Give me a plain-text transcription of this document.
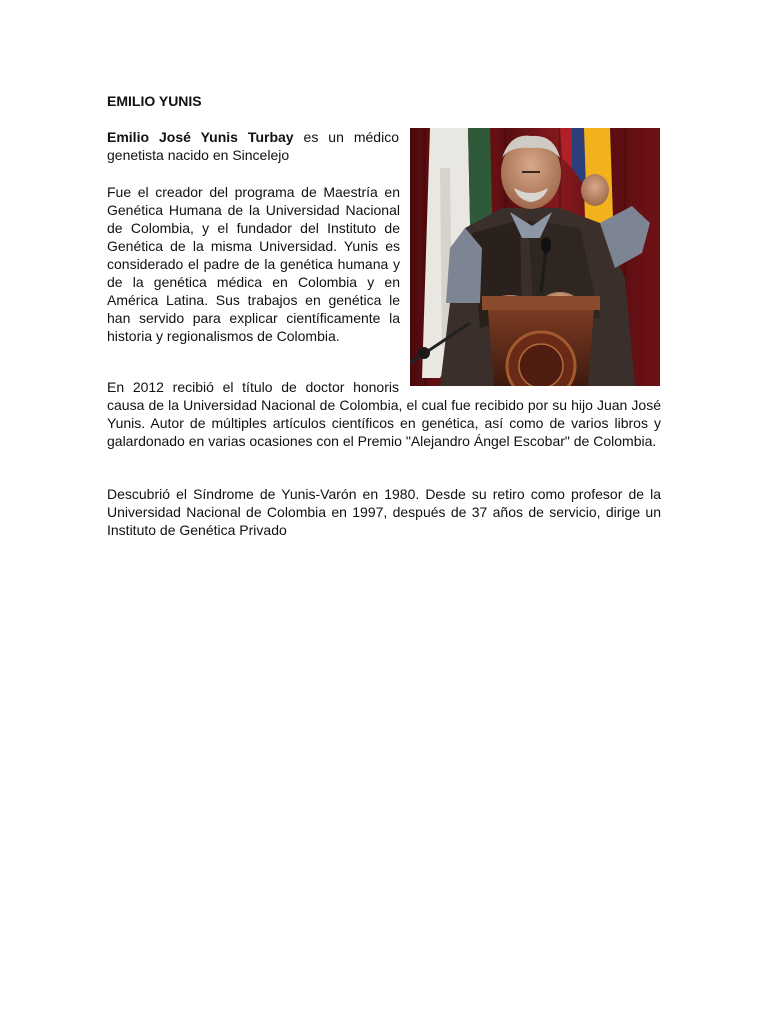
EMILIO YUNIS

Emilio José Yunis Turbay es un médico genetista nacido en Sincelejo

Fue el creador del programa de Maestría en Genética Humana de la Universidad Nacional de Colombia, y el fundador del Instituto de Genética de la misma Universidad. Yunis es considerado el padre de la genética humana y de la genética médica en Colombia y en América Latina. Sus trabajos en genética le han servido para explicar científicamente la historia y regionalismos de Colombia.

En 2012 recibió el título de doctor honoris causa de la Universidad Nacional de Colombia, el cual fue recibido por su hijo Juan José Yunis. Autor de múltiples artículos científicos en genética, así como de varios libros y galardonado en varias ocasiones con el Premio "Alejandro Ángel Escobar" de Colombia.

Descubrió el Síndrome de Yunis-Varón en 1980. Desde su retiro como profesor de la Universidad Nacional de Colombia en 1997, después de 37 años de servicio, dirige un Instituto de Genética Privado
